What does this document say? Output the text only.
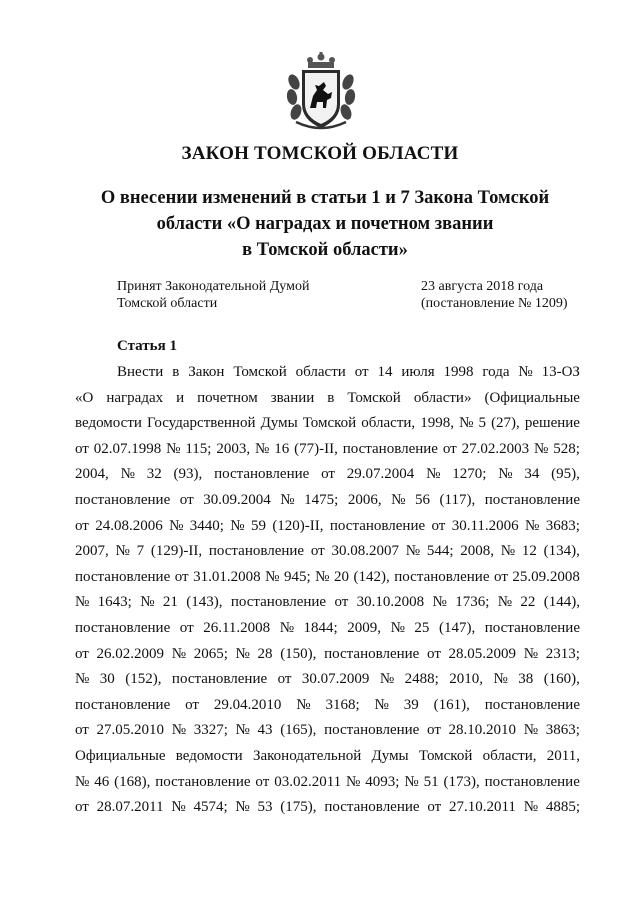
ЗАКОН ТОМСКОЙ ОБЛАСТИ
О внесении изменений в статьи 1 и 7 Закона Томской
области «О наградах и почетном звании
в Томской области»
Принят Законодательной Думой
Томской области
23 августа 2018 года
(постановление № 1209)
Статья 1
Внести в Закон Томской области от 14 июля 1998 года № 13-ОЗ
«О наградах и почетном звании в Томской области» (Официальные
ведомости Государственной Думы Томской области, 1998, № 5 (27), решение
от 02.07.1998 № 115; 2003, № 16 (77)-II, постановление от 27.02.2003 № 528;
2004, № 32 (93), постановление от 29.07.2004 № 1270; № 34 (95),
постановление от 30.09.2004 № 1475; 2006, № 56 (117), постановление
от 24.08.2006 № 3440; № 59 (120)-II, постановление от 30.11.2006 № 3683;
2007, № 7 (129)-II, постановление от 30.08.2007 № 544; 2008, № 12 (134),
постановление от 31.01.2008 № 945; № 20 (142), постановление от 25.09.2008
№ 1643; № 21 (143), постановление от 30.10.2008 № 1736; № 22 (144),
постановление от 26.11.2008 № 1844; 2009, № 25 (147), постановление
от 26.02.2009 № 2065; № 28 (150), постановление от 28.05.2009 № 2313;
№ 30 (152), постановление от 30.07.2009 № 2488; 2010, № 38 (160),
постановление от 29.04.2010 № 3168; № 39 (161), постановление
от 27.05.2010 № 3327; № 43 (165), постановление от 28.10.2010 № 3863;
Официальные ведомости Законодательной Думы Томской области, 2011,
№ 46 (168), постановление от 03.02.2011 № 4093; № 51 (173), постановление
от 28.07.2011 № 4574; № 53 (175), постановление от 27.10.2011 № 4885;
